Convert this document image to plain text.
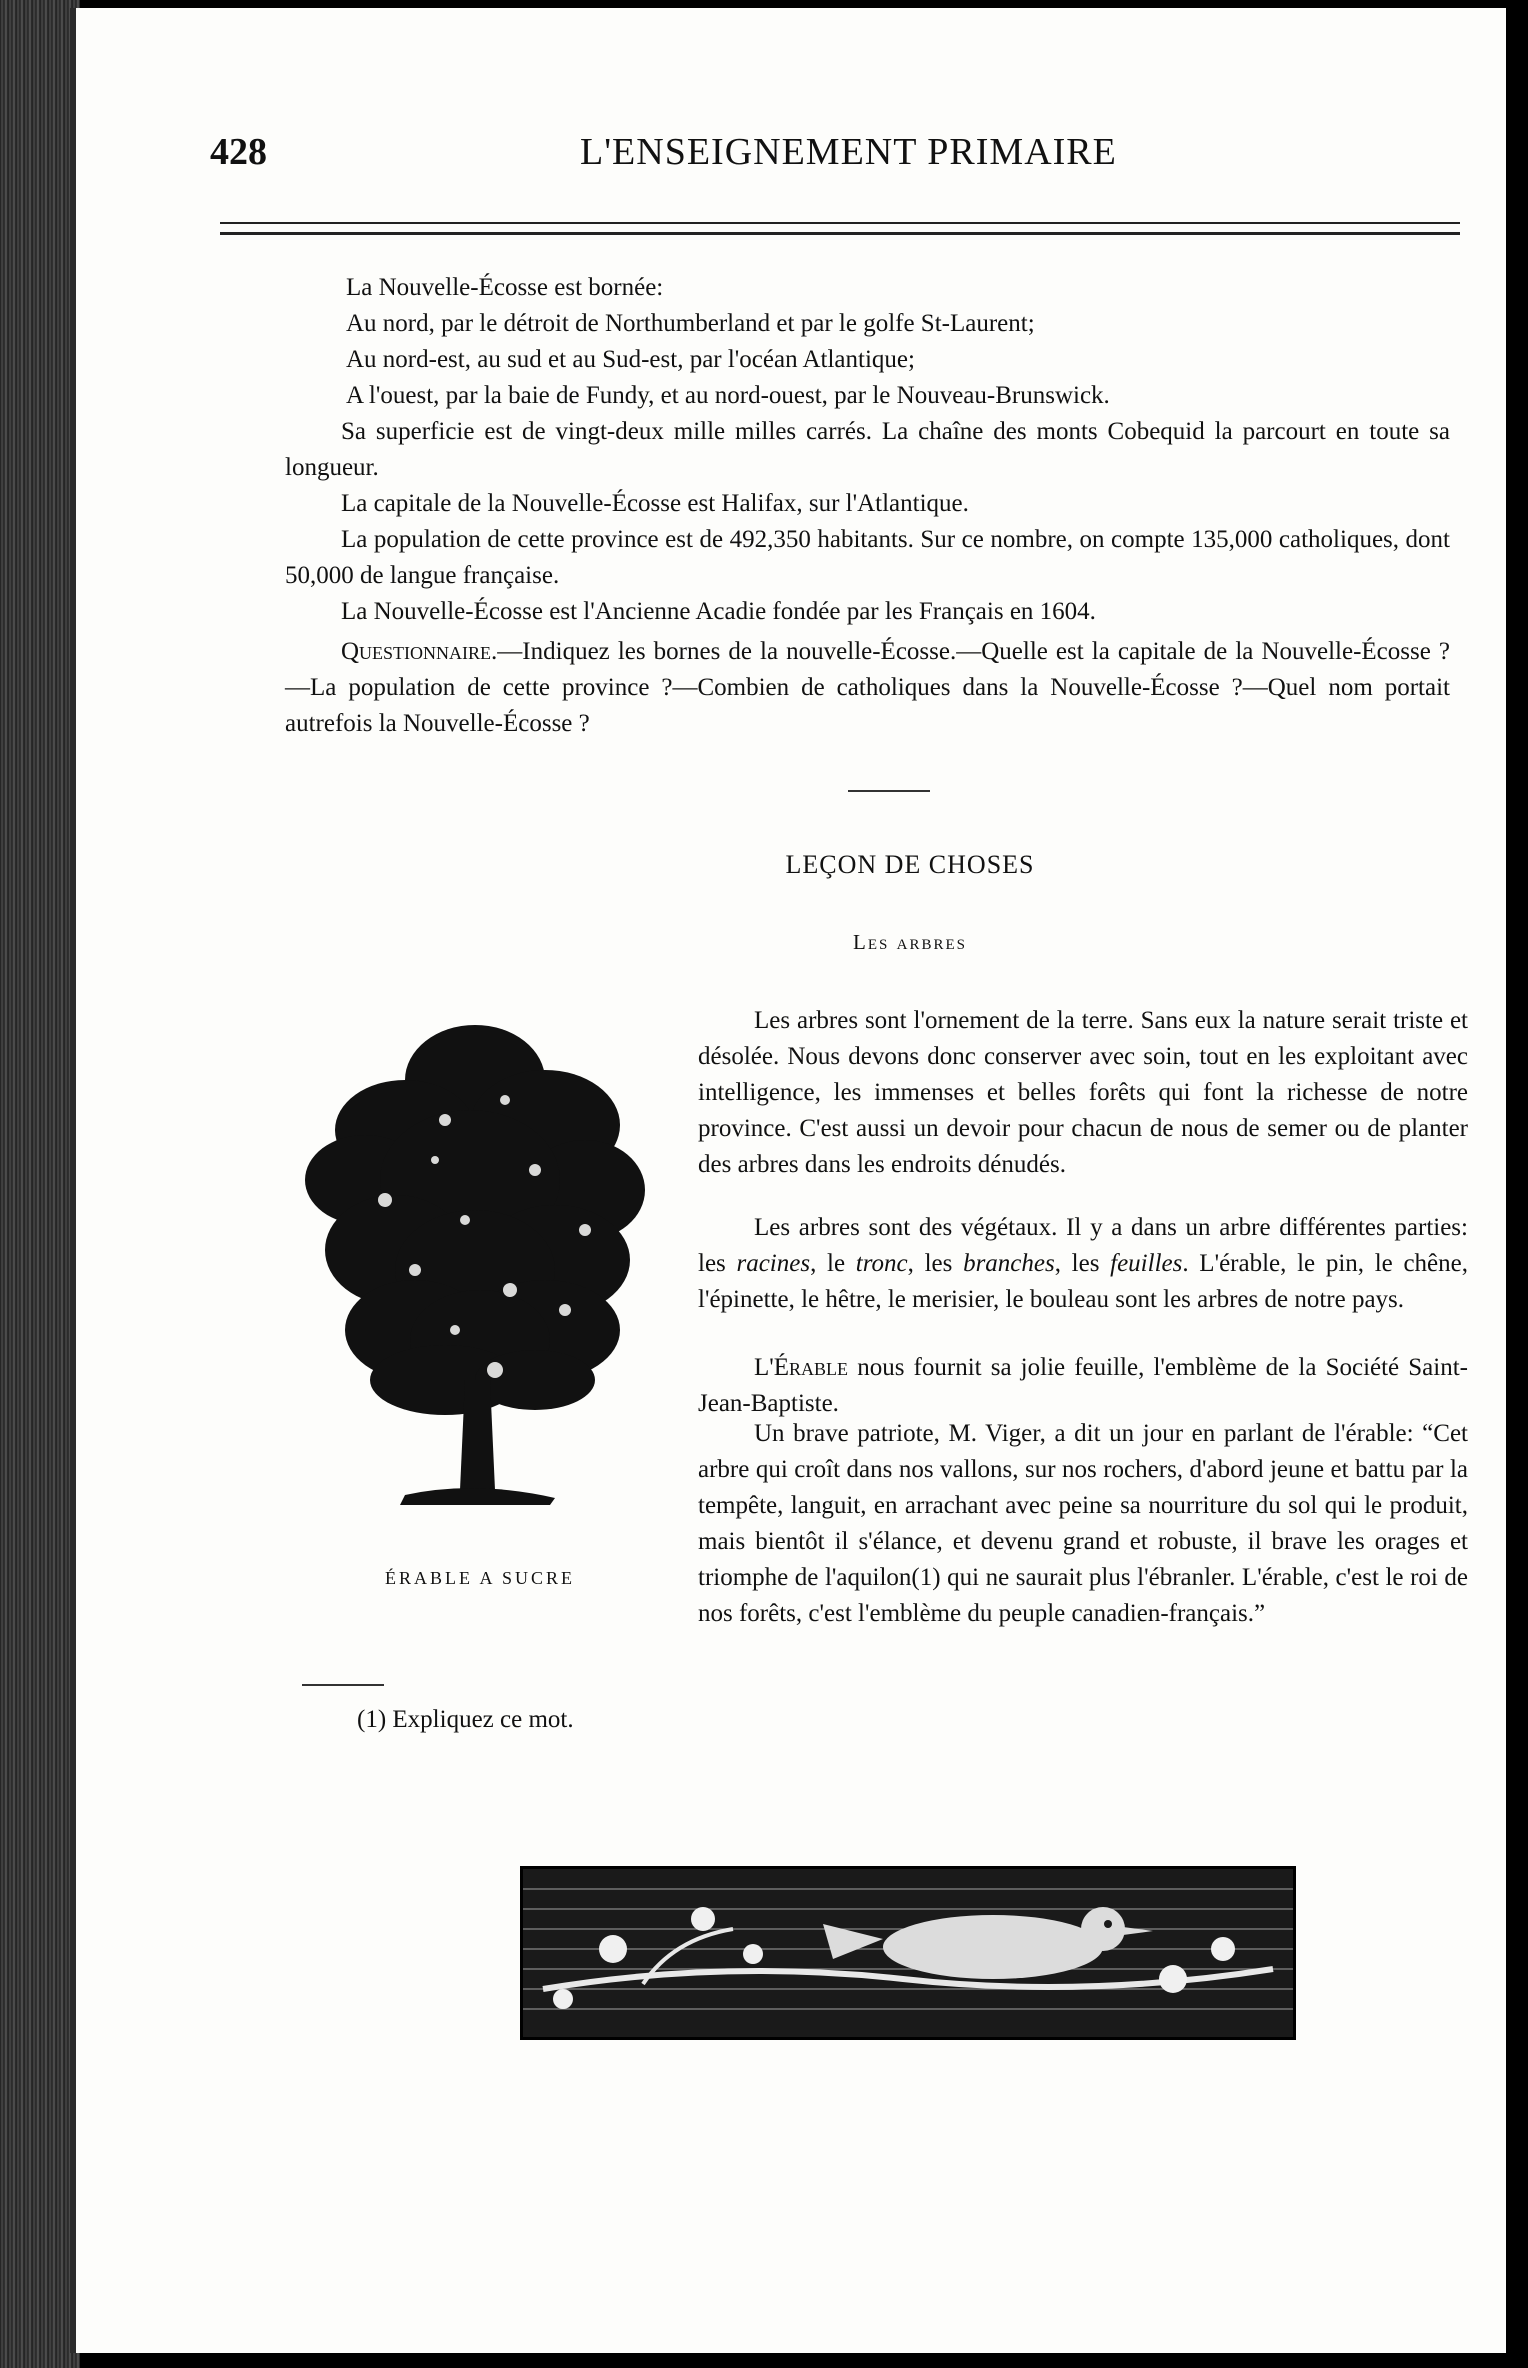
428	L'ENSEIGNEMENT PRIMAIRE

La Nouvelle-Écosse est bornée:

Au nord, par le détroit de Northumberland et par le golfe St-Laurent;

Au nord-est, au sud et au Sud-est, par l'océan Atlantique;

A l'ouest, par la baie de Fundy, et au nord-ouest, par le Nouveau-Brunswick.

Sa superficie est de vingt-deux mille milles carrés. La chaîne des monts Cobequid la parcourt en toute sa longueur.

La capitale de la Nouvelle-Écosse est Halifax, sur l'Atlantique.

La population de cette province est de 492,350 habitants. Sur ce nombre, on compte 135,000 catholiques, dont 50,000 de langue française.

La Nouvelle-Écosse est l'Ancienne Acadie fondée par les Français en 1604.

Questionnaire.—Indiquez les bornes de la nouvelle-Écosse.—Quelle est la capitale de la Nouvelle-Écosse ?—La population de cette province ?—Combien de catholiques dans la Nouvelle-Écosse ?—Quel nom portait autrefois la Nouvelle-Écosse ?

LEÇON DE CHOSES
Les arbres
ÉRABLE A SUCRE

Les arbres sont l'ornement de la terre. Sans eux la nature serait triste et désolée. Nous devons donc conserver avec soin, tout en les exploitant avec intelligence, les immenses et belles forêts qui font la richesse de notre province. C'est aussi un devoir pour chacun de nous de semer ou de planter des arbres dans les endroits dénudés.

Les arbres sont des végétaux. Il y a dans un arbre différentes parties: les racines, le tronc, les branches, les feuilles. L'érable, le pin, le chêne, l'épinette, le hêtre, le merisier, le bouleau sont les arbres de notre pays.

L'Érable nous fournit sa jolie feuille, l'emblème de la Société Saint-Jean-Baptiste.

Un brave patriote, M. Viger, a dit un jour en parlant de l'érable: “Cet arbre qui croît dans nos vallons, sur nos rochers, d'abord jeune et battu par la tempête, languit, en arrachant avec peine sa nourriture du sol qui le produit, mais bientôt il s'élance, et devenu grand et robuste, il brave les orages et triomphe de l'aquilon(1) qui ne saurait plus l'ébranler. L'érable, c'est le roi de nos forêts, c'est l'emblème du peuple canadien-français.”

(1) Expliquez ce mot.
